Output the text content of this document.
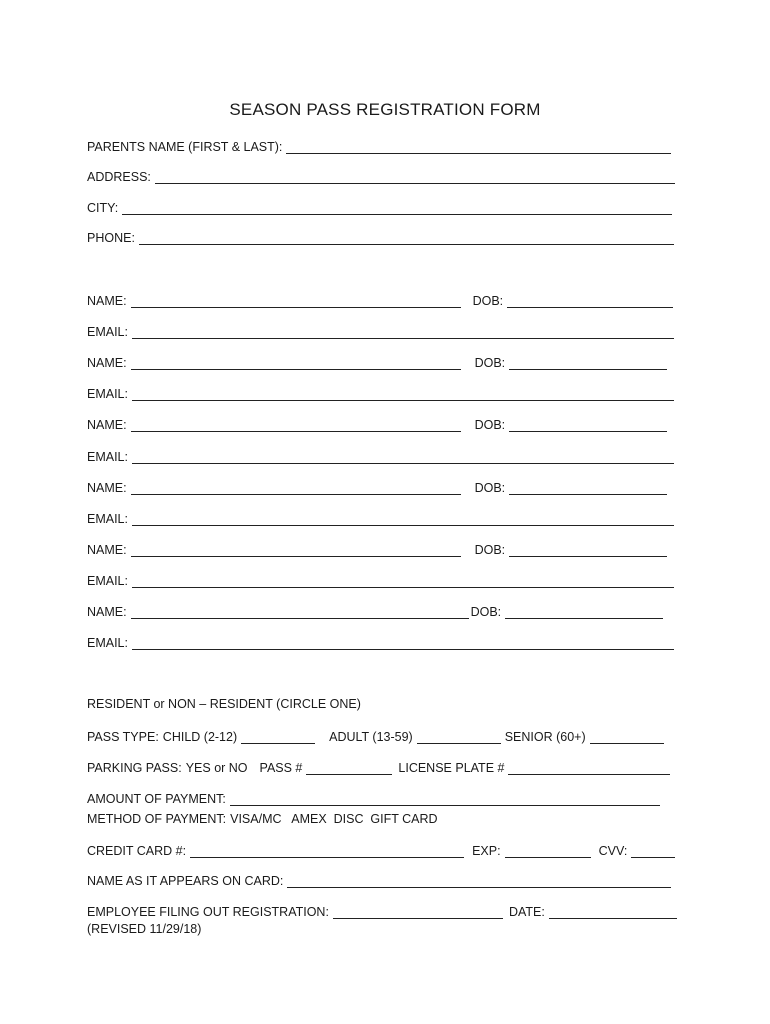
SEASON PASS REGISTRATION FORM
PARENTS NAME (FIRST & LAST):
ADDRESS:
CITY:
PHONE:
NAME:	DOB:
EMAIL:
NAME:	DOB:
EMAIL:
NAME:	DOB:
EMAIL:
NAME:	DOB:
EMAIL:
NAME:	DOB:
EMAIL:
NAME:	DOB:
EMAIL:
RESIDENT or NON – RESIDENT (CIRCLE ONE)
PASS TYPE: CHILD (2-12)	ADULT (13-59)	SENIOR (60+)
PARKING PASS: YES or NO PASS #	LICENSE PLATE #
AMOUNT OF PAYMENT:
METHOD OF PAYMENT: VISA/MC   AMEX  DISC  GIFT CARD
CREDIT CARD #:	EXP:	CVV:
NAME AS IT APPEARS ON CARD:
EMPLOYEE FILING OUT REGISTRATION:	DATE:
(REVISED 11/29/18)
